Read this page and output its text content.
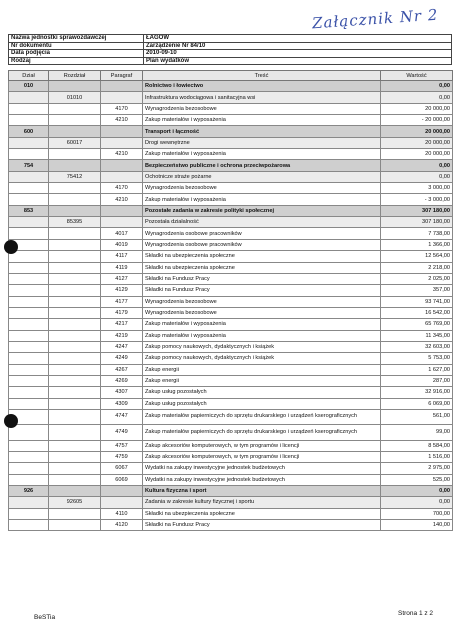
Załącznik Nr 2
Nazwa jednostki sprawozdawczej	ŁAGÓW
Nr dokumentu	Zarządzenie Nr 84/10
Data podjęcia	2010-09-10
Rodzaj	Plan wydatków
Dział	Rozdział	Paragraf	Treść	Wartość
010			Rolnictwo i łowiectwo	0,00
	01010		Infrastruktura wodociągowa i sanitacyjna wsi	0,00
		4170	Wynagrodzenia bezosobowe	20 000,00
		4210	Zakup materiałów i wyposażenia	- 20 000,00
600			Transport i łączność	20 000,00
	60017		Drogi wewnętrzne	20 000,00
		4210	Zakup materiałów i wyposażenia	20 000,00
754			Bezpieczeństwo publiczne i ochrona przeciwpożarowa	0,00
	75412		Ochotnicze straże pożarne	0,00
		4170	Wynagrodzenia bezosobowe	3 000,00
		4210	Zakup materiałów i wyposażenia	- 3 000,00
853			Pozostałe zadania w zakresie polityki społecznej	307 180,00
	85395		Pozostała działalność	307 180,00
		4017	Wynagrodzenia osobowe pracowników	7 738,00
		4019	Wynagrodzenia osobowe pracowników	1 366,00
		4117	Składki na ubezpieczenia społeczne	12 564,00
		4119	Składki na ubezpieczenia społeczne	2 218,00
		4127	Składki na Fundusz Pracy	2 025,00
		4129	Składki na Fundusz Pracy	357,00
		4177	Wynagrodzenia bezosobowe	93 741,00
		4179	Wynagrodzenia bezosobowe	16 542,00
		4217	Zakup materiałów i wyposażenia	65 769,00
		4219	Zakup materiałów i wyposażenia	11 345,00
		4247	Zakup pomocy naukowych, dydaktycznych i książek	32 603,00
		4249	Zakup pomocy naukowych, dydaktycznych i książek	5 753,00
		4267	Zakup energii	1 627,00
		4269	Zakup energii	287,00
		4307	Zakup usług pozostałych	32 916,00
		4309	Zakup usług pozostałych	6 069,00
		4747	Zakup materiałów papierniczych do sprzętu drukarskiego i urządzeń kserograficznych	561,00
		4749	Zakup materiałów papierniczych do sprzętu drukarskiego i urządzeń kserograficznych	99,00
		4757	Zakup akcesoriów komputerowych, w tym programów i licencji	8 584,00
		4759	Zakup akcesoriów komputerowych, w tym programów i licencji	1 516,00
		6067	Wydatki na zakupy inwestycyjne jednostek budżetowych	2 975,00
		6069	Wydatki na zakupy inwestycyjne jednostek budżetowych	525,00
926			Kultura fizyczna i sport	0,00
	92605		Zadania w zakresie kultury fizycznej i sportu	0,00
		4110	Składki na ubezpieczenia społeczne	700,00
		4120	Składki na Fundusz Pracy	140,00
BeSTia
Strona 1 z 2
